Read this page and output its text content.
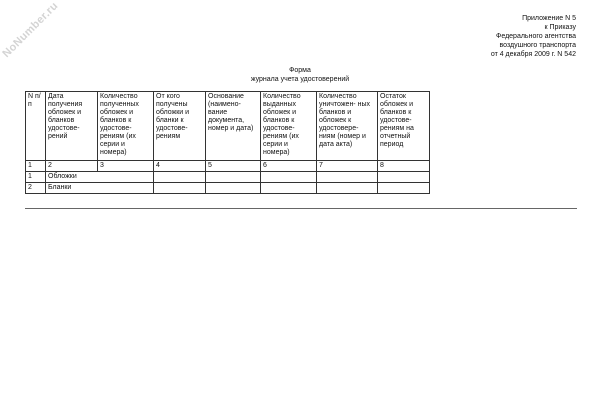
NoNumber.ru	Приложение N 5
к Приказу
Федерального агентства
воздушного транспорта
от 4 декабря 2009 г. N 542
Форма
журнала учета удостоверений
N п/п	Дата получения обложек и бланков удостове- рений	Количество полученных обложек и бланков к удостове- рениям (их серии и номера)	От кого получены обложки и бланки к удостове- рениям	Основание (наимено- вание документа, номер и дата)	Количество выданных обложек и бланков к удостове- рениям (их серии и номера)	Количество уничтожен- ных бланков и обложек к удостовере- ниям (номер и дата акта)	Остаток обложек и бланков к удостове- рениям на отчетный период
1	2	3	4	5	6	7	8
1	Обложки						
2	Бланки						
